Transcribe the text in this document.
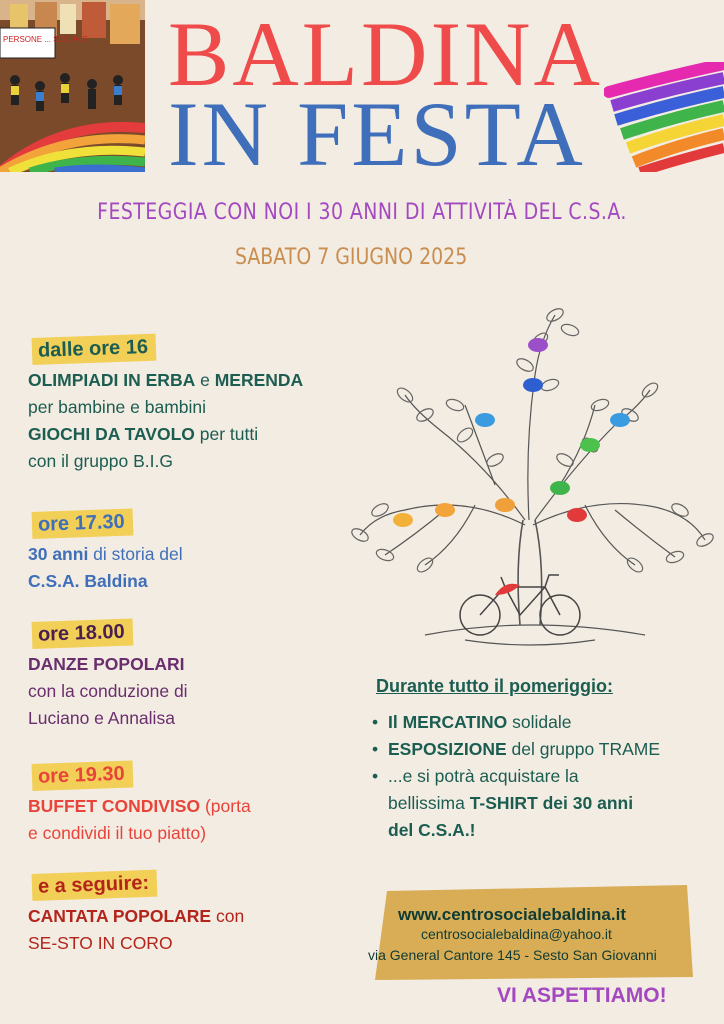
PERSONE ... SOCIALE BALDINA
IN FESTA
FESTEGGIA CON NOI I 30 ANNI DI ATTIVITÀ DEL C.S.A.
SABATO 7 GIUGNO 2025
dalle ore 16
OLIMPIADI IN ERBA e MERENDA
per bambine e bambini
GIOCHI DA TAVOLO per tutti
con il gruppo B.I.G
ore 17.30
30 anni di storia del
C.S.A. Baldina
ore 18.00
DANZE POPOLARI
con la conduzione di
Luciano e Annalisa
ore 19.30
BUFFET CONDIVISO (porta
e condividi il tuo piatto)
e a seguire:
CANTATA POPOLARE con
SE-STO IN CORO
Durante tutto il pomeriggio:
• Il MERCATINO solidale
• ESPOSIZIONE del gruppo TRAME
• ...e si potrà acquistare la
bellissima T-SHIRT dei 30 anni
del C.S.A.!
www.centrosocialebaldina.it
centrosocialebaldina@yahoo.it
via General Cantore 145 - Sesto San Giovanni
VI ASPETTIAMO!
